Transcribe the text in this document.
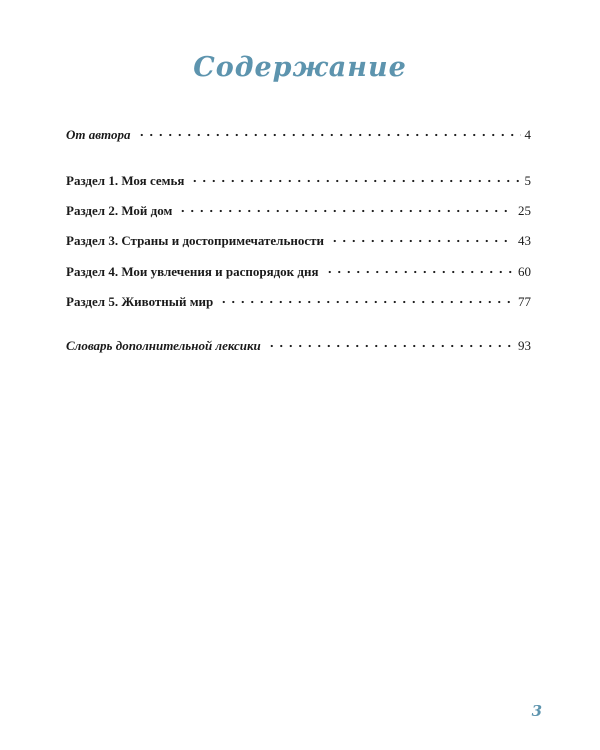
Содержание
От автора	4
Раздел 1. Моя семья	5
Раздел 2. Мой дом	25
Раздел 3. Страны и достопримечательности	43
Раздел 4. Мои увлечения и распорядок дня	60
Раздел 5. Животный мир	77
Словарь дополнительной лексики	93
3
